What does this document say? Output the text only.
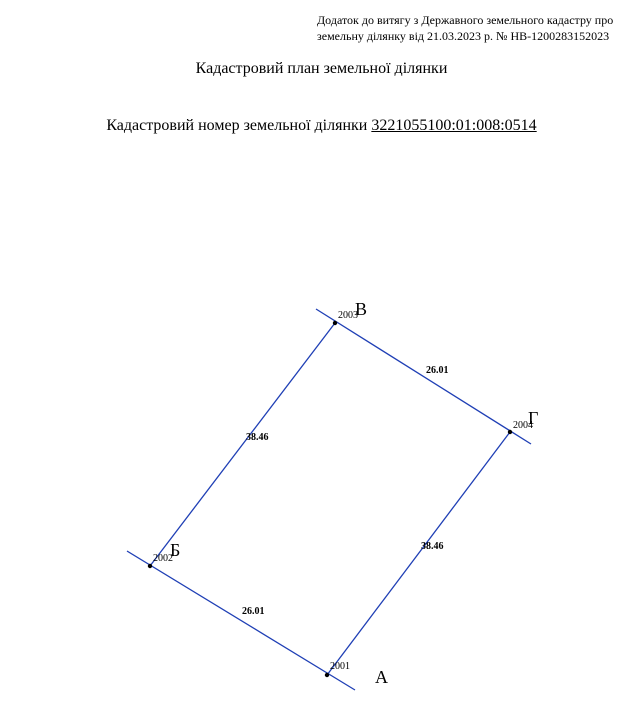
Додаток до витягу з Державного земельного кадастру про
земельну ділянку від 21.03.2023 р. № НВ-1200283152023
Кадастровий план земельної ділянки
Кадастровий номер земельної ділянки 3221055100:01:008:0514
2001
2002
2003
2004
А
Б
В
Г
26.01
38.46
26.01
38.46
